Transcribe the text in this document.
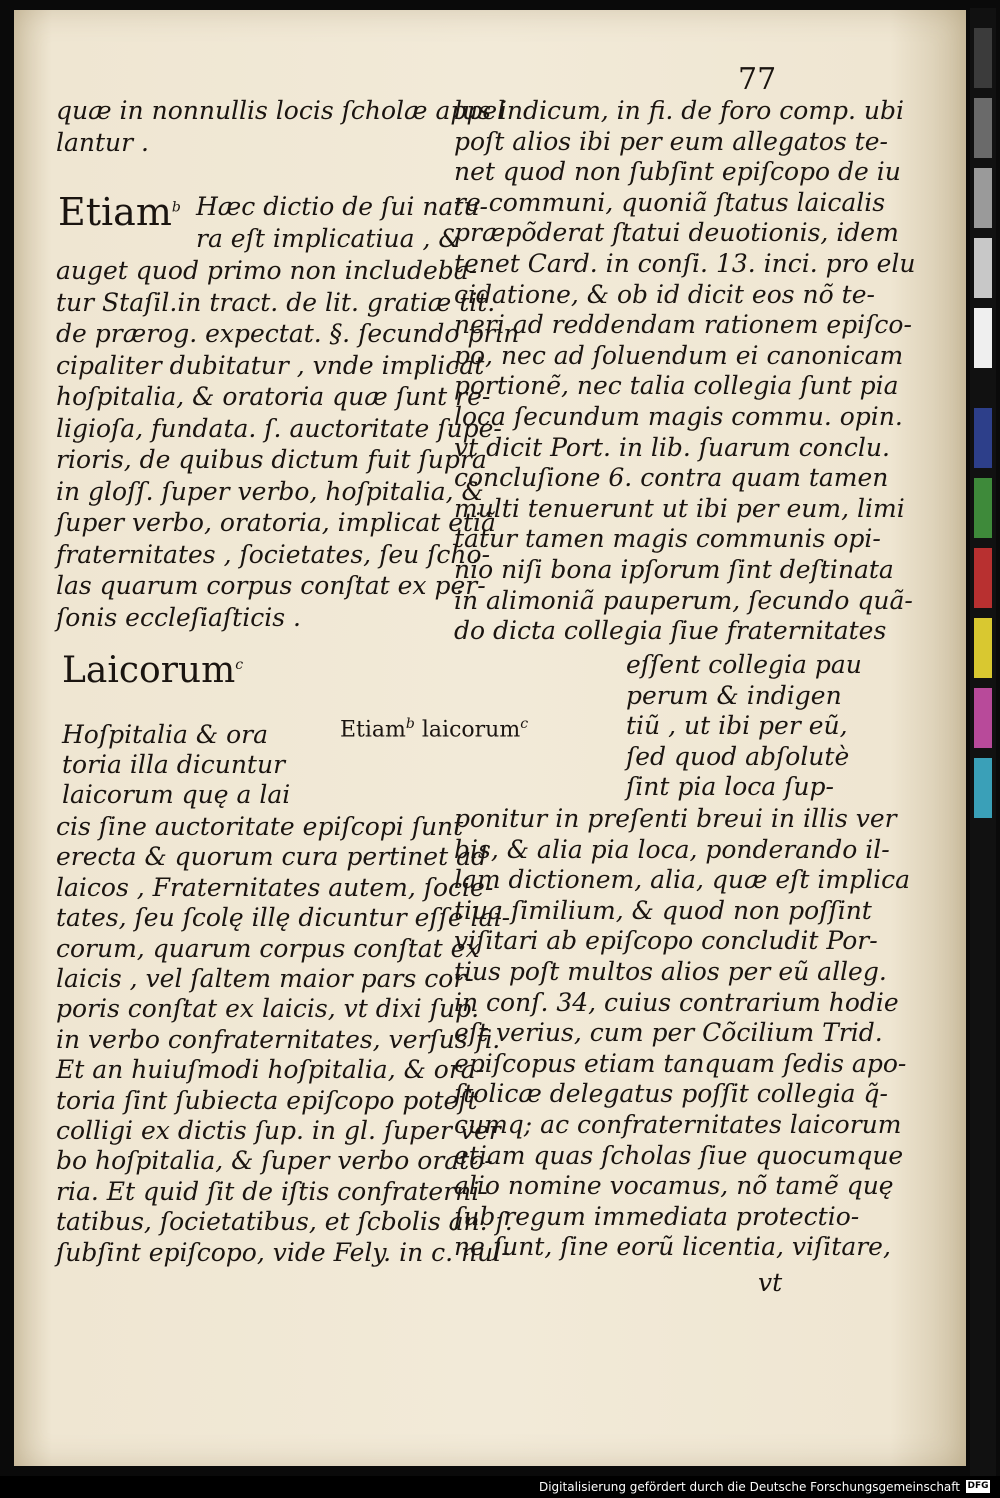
77
quæ in nonnullis locis ſcholæ appel
lantur .
Etiam$^b$ Hæc dictio de ſui natu-
ra eſt implicatiua , &
auget quod primo non includeba-
tur Staſil.in tract. de lit. gratiæ tit.
de prærog. expectat. §. ſecundo prin
cipaliter dubitatur , vnde implicat
hoſpitalia, & oratoria quæ ſunt re-
ligioſa, fundata. ſ. auctoritate ſupe-
rioris, de quibus dictum fuit ſupra
in gloſſ. ſuper verbo, hoſpitalia, &
ſuper verbo, oratoria, implicat etiã
fraternitates , ſocietates, ſeu ſcho-
las quarum corpus conſtat ex per-
ſonis eccleſiaſticis .
Laicorum$^c$
Hoſpitalia & ora
toria illa dicuntur
laicorum quę a lai
Etiam$^b$ laicorum$^c$
cis ſine auctoritate epiſcopi ſunt
erecta & quorum cura pertinet ad
laicos , Fraternitates autem, ſocie-
tates, ſeu ſcolę illę dicuntur eſſe lai-
corum, quarum corpus conſtat ex
laicis , vel ſaltem maior pars cor-
poris conſtat ex laicis, vt dixi ſup.
in verbo confraternitates, verſus fi.
Et an huiuſmodi hoſpitalia, & ora-
toria ſint ſubiecta epiſcopo poteſt
colligi ex dictis ſup. in gl. ſuper ver
bo hoſpitalia, & ſuper verbo orato-
ria. Et quid ſit de iſtis confraterni-
tatibus, ſocietatibus, et ſcbolis an. ſ.
ſubſint epiſcopo, vide Fely. in c. nul-
lus indicum, in fi. de foro comp. ubi
poſt alios ibi per eum allegatos te-
net quod non ſubſint epiſcopo de iu
re communi, quoniã ſtatus laicalis
præpõderat ſtatui deuotionis, idem
tenet Card. in conſi. 13. inci. pro elu
cidatione, & ob id dicit eos nõ te-
neri ad reddendam rationem epiſco-
po, nec ad ſoluendum ei canonicam
portionẽ, nec talia collegia ſunt pia
loca ſecundum magis commu. opin.
vt dicit Port. in lib. ſuarum conclu.
concluſione 6. contra quam tamen
multi tenuerunt ut ibi per eum, limi
tatur tamen magis communis opi-
nio niſi bona ipſorum ſint deſtinata
in alimoniã pauperum, ſecundo quã-
do dicta collegia ſiue fraternitates
eſſent collegia pau
perum & indigen
tiũ , ut ibi per eũ,
ſed quod abſolutè
ſint pia loca ſup-
ponitur in preſenti breui in illis ver
bis, & alia pia loca, ponderando il-
lam dictionem, alia, quæ eſt implica
tiua ſimilium, & quod non poſſint
viſitari ab epiſcopo concludit Por-
tius poſt multos alios per eũ alleg.
in conſ. 34, cuius contrarium hodie
eſt verius, cum per Cõcilium Trid.
epiſcopus etiam tanquam ſedis apo-
ſtolicæ delegatus poſſit collegia q̃-
cumq; ac confraternitates laicorum
etiam quas ſcholas ſiue quocumque
alio nomine vocamus, nõ tamẽ quę
ſub regum immediata protectio-
ne ſunt, ſine eorũ licentia, viſitare,
vt
Digitalisierung gefördert durch die Deutsche Forschungsgemeinschaft DFG
